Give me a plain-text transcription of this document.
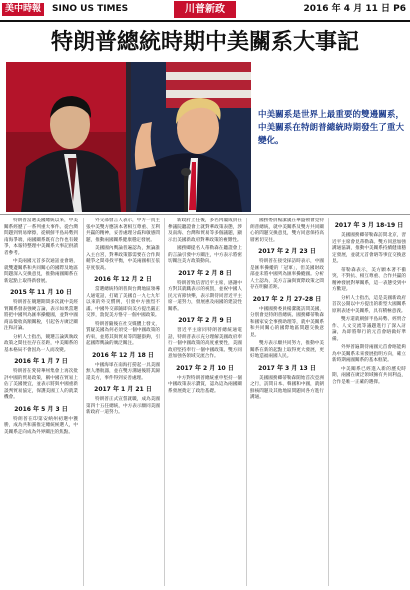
美中時報	SINO US TIMES	川普新政	2016 年 4 月 11 日 P6
特朗普總統時期中美關系大事記
中美關系是世界上最重要的雙邊關系，中美關系在特朗普總統時期發生了重大變化。

特朗普當選美國總統以來，中美關系經歷了一系列重大事件。從台灣問題到貿易摩擦，從朝鮮半島局勢到南海爭端，兩國關系既有合作也有競爭，本報特整理中美關系大事記供讀者參考。

中美兩國元首多次通話並會晤，就雙邊關系和共同關心的國際及地區問題深入交換意見，推動兩國關系在新起點上取得新發展。

2015 年 11 月 10 日

特朗普在競選期間多次就中美經貿關系發表強硬言論，表示如果當選將把中國列為匯率操縱國，並對中國商品徵收高額關稅，引起各方廣泛關注和討論。

分析人士指出，競選言論與執政政策之間往往存在差距，中美關系的基本格局不會因為一人而改變。

2016 年 1 月 7 日

特朗普在愛荷華州集會上再次批評中國的貿易政策，稱中國在貿易上佔了美國便宜，並表示將與中國重新談判貿易協定，保護美國工人的就業機會。

2016 年 5 月 3 日

特朗普在印第安納州初選中獲勝，成為共和黨推定總統候選人，中美關系走向成為外界關注的焦點。

外交部發言人表示，中方一貫主張中美雙方應該本著相互尊重、互利共贏的精神，妥善處理分歧和敏感問題，推動兩國關系健康穩定發展。

美國國內輿論普遍認為，無論誰入主白宮，對華政策都需要在合作與競爭之間尋找平衡，中美兩國相互依存度很高。

2016 年 12 月 2 日

當選總統特朗普與台灣地區領導人通電話，打破了美國自一九七九年以來的外交慣例，引發中方強烈不滿。中國外交部隨即向美方提出嚴正交涉，敦促美方恪守一個中國政策。

特朗普隨後在社交媒體上發文，質疑美國為何必須受一個中國政策的約束，並將其與貿易等問題掛鉤，引起國際輿論的廣泛關注。

2016 年 12 月 18 日

中國海軍在南海打撈起一具美國無人潛航器，並在雙方溝通後將其歸還美方，事件得到妥善處理。

2017 年 1 月 21 日

特朗普正式宣誓就職，成為美國第四十五任總統，中方表示願同美國新政府一道努力。

新政府上任後，多名內閣成員在參議院聽證會上就對華政策表態，涉及南海、台灣和貿易等多個議題，顯示出美國新政府對華政策的複雜性。

國務卿提名人蒂勒森在聽證會上的言論引發中方關注，中方表示將密切關注美方政策動向。

2017 年 2 月 8 日

特朗普致信習近平主席，感謝中方對其就職表示的祝賀，並祝中國人民元宵節快樂，表示期待同習近平主席一道努力，發展惠及兩國的建設性關系。

2017 年 2 月 9 日

習近平主席同特朗普總統通電話，特朗普表示充分理解美國政府奉行一個中國政策的高度重要性，美國政府堅持奉行一個中國政策。雙方同意加強各領域交流合作。

2017 年 2 月 10 日

中方對特朗普總統重申堅持一個中國政策表示讚賞，認為這為兩國關系發展奠定了政治基礎。

國務委員楊潔篪在華盛頓會見特朗普總統，就中美關系及雙方共同關心的問題交換意見，雙方同意保持高層密切交往。

2017 年 2 月 23 日

特朗普在接受採訪時表示，中國是匯率操縱的「冠軍」，但美國財政部並未將中國列為匯率操縱國。分析人士認為，美方言論與實際政策之間存在明顯差距。

2017 年 2 月 27-28 日

中國國務委員楊潔篪訪問美國，分別會見特朗普總統、國務卿蒂勒森和國家安全事務助理等，就中美關系和共同關心的國際地區問題交換意見。

雙方表示願共同努力，推動中美關系在新的起點上取得更大發展，更好地造福兩國人民。

2017 年 3 月 13 日

美國國務卿蒂勒森開始首次亞洲之行，訪問日本、韓國和中國，就朝鮮核問題及其他地區問題同各方進行溝通。

2017 年 3 月 18-19 日

美國國務卿蒂勒森訪問北京，習近平主席會見蒂勒森。雙方同意加強溝通協調，推動中美關系持續健康穩定發展，並就元首會晤等事宜交換意見。

蒂勒森表示，美方願本著不衝突、不對抗、相互尊重、合作共贏的精神發展對華關系，這一表態受到中方歡迎。

分析人士指出，這是美國新政府首次公開以中方提出的新型大國關系原則表述中美關系，具有積極意義。

雙方還就朝鮮半島局勢、經貿合作、人文交流等議題進行了深入討論，為即將舉行的元首會晤做好準備。

外界普遍期待兩國元首會晤能夠為中美關系未來發展指明方向，確立新時期兩國關系的基本框架。

中美關系已經進入新的歷史時期，兩國在廣泛領域擁有共同利益，合作是唯一正確的選擇。
